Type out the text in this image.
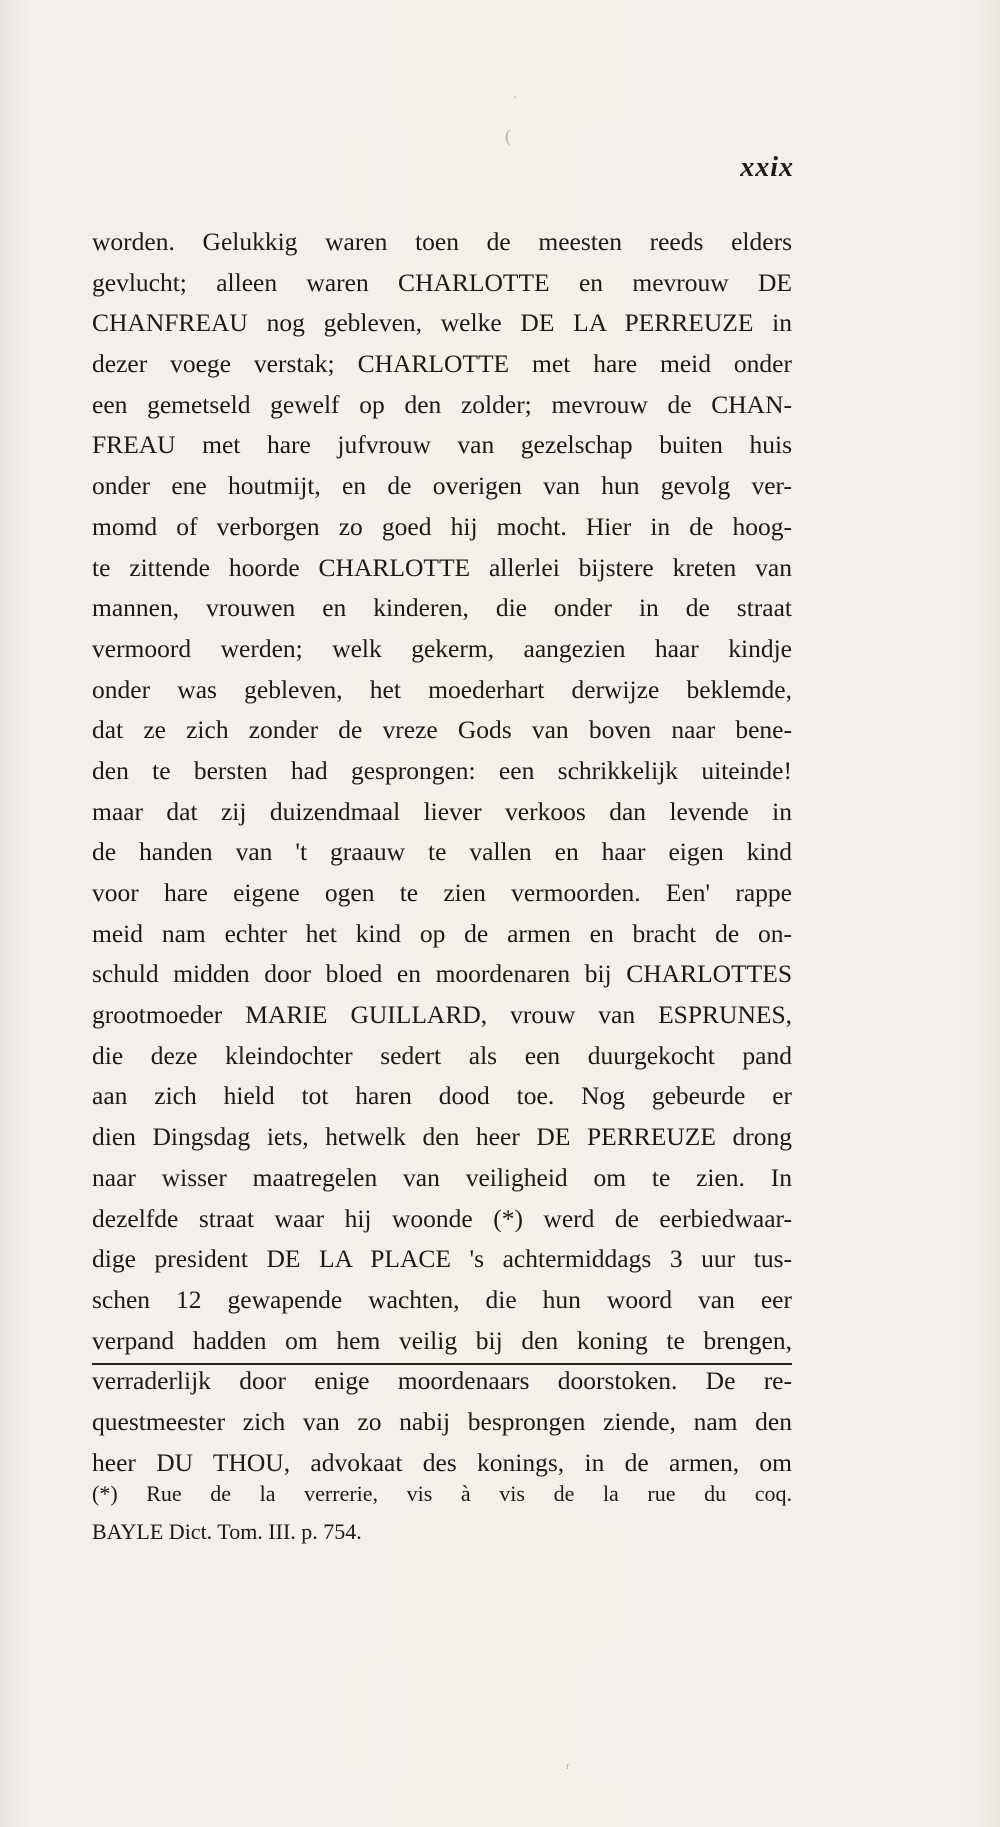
xxix
worden. Gelukkig waren toen de meesten reeds elders
gevlucht; alleen waren CHARLOTTE en mevrouw DE
CHANFREAU nog gebleven, welke DE LA PERREUZE in
dezer voege verstak; CHARLOTTE met hare meid onder
een gemetseld gewelf op den zolder; mevrouw de CHAN-
FREAU met hare jufvrouw van gezelschap buiten huis
onder ene houtmijt, en de overigen van hun gevolg ver-
momd of verborgen zo goed hij mocht. Hier in de hoog-
te zittende hoorde CHARLOTTE allerlei bijstere kreten van
mannen, vrouwen en kinderen, die onder in de straat
vermoord werden; welk gekerm, aangezien haar kindje
onder was gebleven, het moederhart derwijze beklemde,
dat ze zich zonder de vreze Gods van boven naar bene-
den te bersten had gesprongen: een schrikkelijk uiteinde!
maar dat zij duizendmaal liever verkoos dan levende in
de handen van 't graauw te vallen en haar eigen kind
voor hare eigene ogen te zien vermoorden. Een' rappe
meid nam echter het kind op de armen en bracht de on-
schuld midden door bloed en moordenaren bij CHARLOTTES
grootmoeder MARIE GUILLARD, vrouw van ESPRUNES,
die deze kleindochter sedert als een duurgekocht pand
aan zich hield tot haren dood toe. Nog gebeurde er
dien Dingsdag iets, hetwelk den heer DE PERREUZE drong
naar wisser maatregelen van veiligheid om te zien. In
dezelfde straat waar hij woonde (*) werd de eerbiedwaar-
dige president DE LA PLACE 's achtermiddags 3 uur tus-
schen 12 gewapende wachten, die hun woord van eer
verpand hadden om hem veilig bij den koning te brengen,
verraderlijk door enige moordenaars doorstoken. De re-
questmeester zich van zo nabij besprongen ziende, nam den
heer DU THOU, advokaat des konings, in de armen, om
(*) Rue de la verrerie, vis à vis de la rue du coq.
BAYLE Dict. Tom. III. p. 754.
ˈ
(
ʳ
